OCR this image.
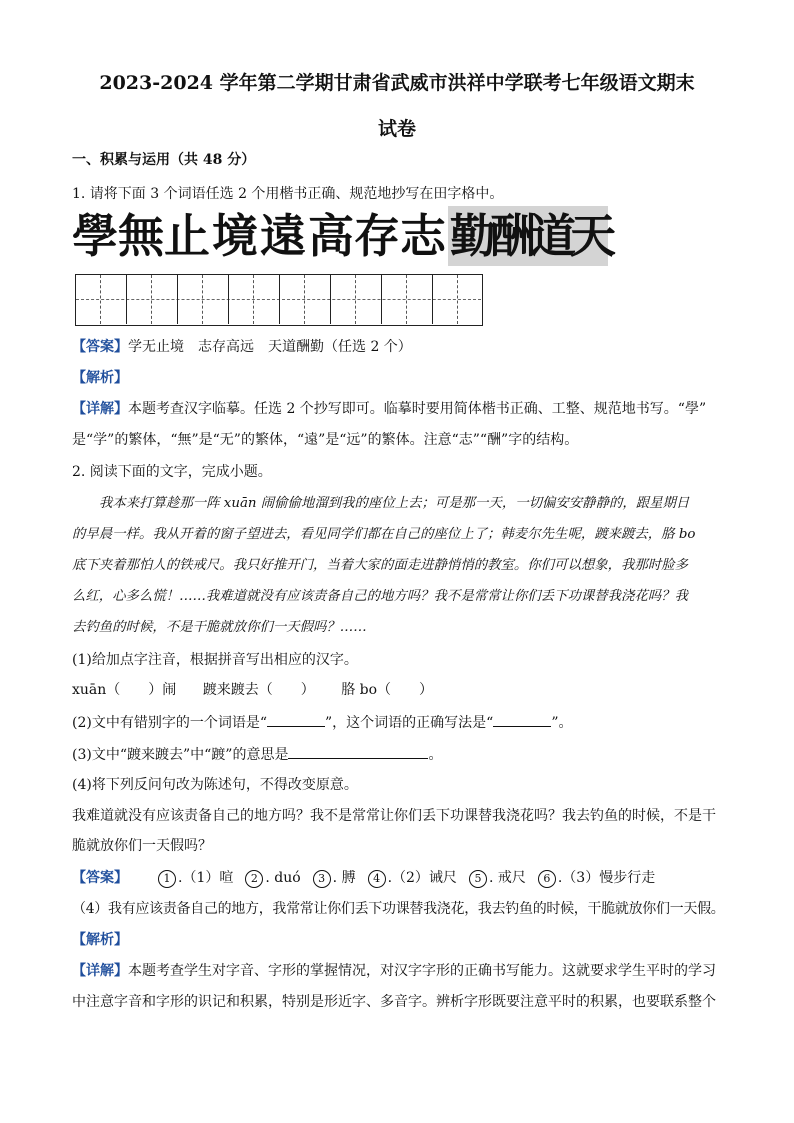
2023-2024 学年第二学期甘肃省武威市洪祥中学联考七年级语文期末
试卷
一、积累与运用（共 48 分）
1. 请将下面 3 个词语任选 2 个用楷书正确、规范地抄写在田字格中。
學 無 止 境 遠 高 存 志 勤
酬
道
天
【答案】学无止境　志存高远　天道酬勤（任选 2 个）
【解析】
【详解】本题考查汉字临摹。任选 2 个抄写即可。临摹时要用简体楷书正确、工整、规范地书写。“學”
是“学”的繁体，“無”是“无”的繁体，“遠”是“远”的繁体。注意“志”“酬”字的结构。
2. 阅读下面的文字，完成小题。
我本来打算趁那一阵 xuān 闹偷偷地溜到我的座位上去；可是那一天，一切偏安安静静的，跟星期日
的早晨一样。我从开着的窗子望进去，看见同学们都在自己的座位上了；韩麦尔先生呢，踱来踱去，胳 bo
底下夹着那怕人的铁戒尺。我只好推开门，当着大家的面走进静悄悄的教室。你们可以想象，我那时脸多
么红，心多么慌！……我难道就没有应该责备自己的地方吗？我不是常常让你们丢下功课替我浇花吗？我
去钓鱼的时候，不是干脆就放你们一天假吗？……
(1)给加点字注音，根据拼音写出相应的汉字。
xuān（　　）闹 踱来踱去（　　） 胳 bo（　　）
(2)文中有错别字的一个词语是“	”，这个词语的正确写法是“	”。
(3)文中“踱来踱去”中“踱”的意思是	。
(4)将下列反问句改为陈述句，不得改变原意。
我难道就没有应该责备自己的地方吗？我不是常常让你们丢下功课替我浇花吗？我去钓鱼的时候，不是干
脆就放你们一天假吗？
【答案】	1 .（1）喧 2 . duó 3 . 膊 4 .（2）诫尺 5 . 戒尺 6 .（3）慢步行走
（4）我有应该责备自己的地方，我常常让你们丢下功课替我浇花，我去钓鱼的时候，干脆就放你们一天假。
【解析】
【详解】本题考查学生对字音、字形的掌握情况，对汉字字形的正确书写能力。这就要求学生平时的学习
中注意字音和字形的识记和积累，特别是形近字、多音字。辨析字形既要注意平时的积累，也要联系整个
